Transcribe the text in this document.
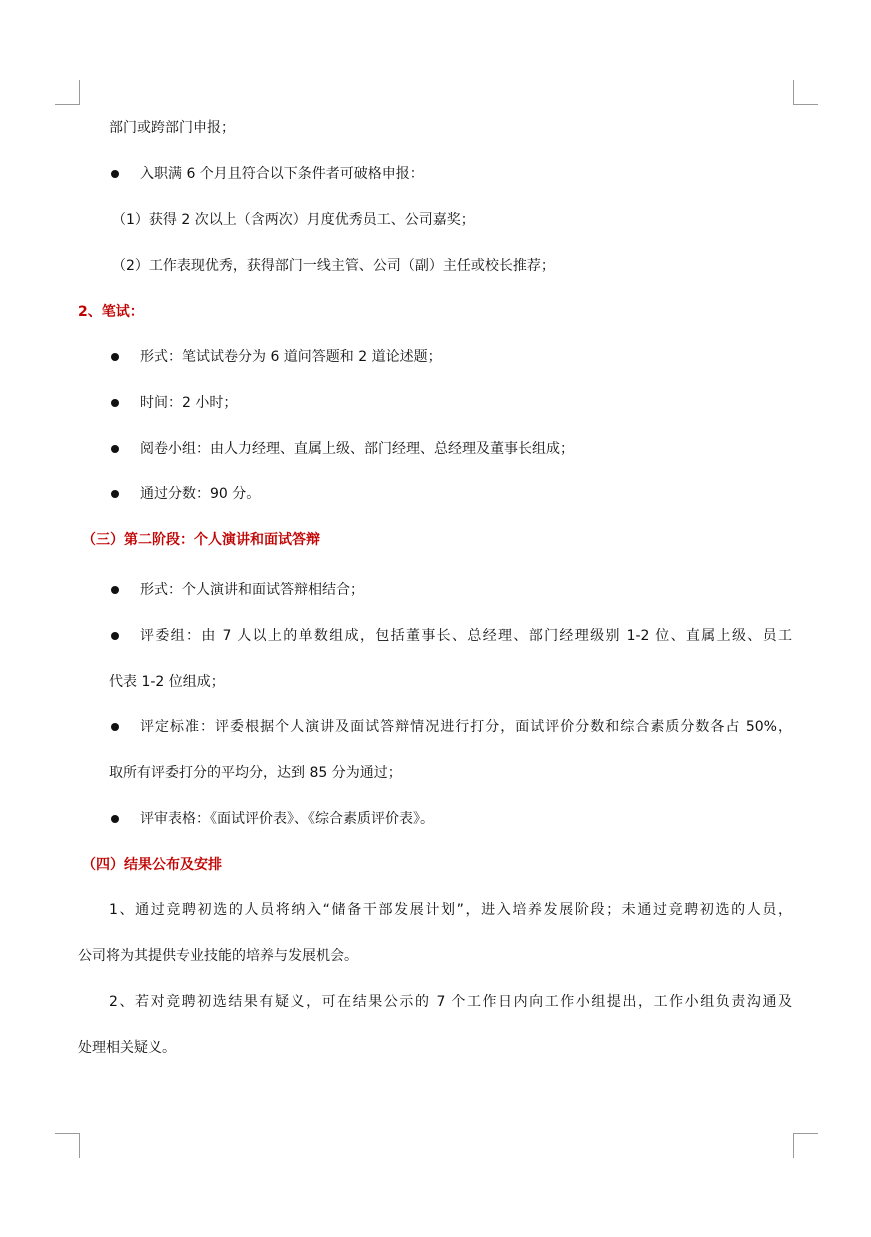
部门或跨部门申报；
入职满 6 个月且符合以下条件者可破格申报：
（1）获得 2 次以上（含两次）月度优秀员工、公司嘉奖；
（2）工作表现优秀，获得部门一线主管、公司（副）主任或校长推荐；
2、笔试：
形式：笔试试卷分为 6 道问答题和 2 道论述题；
时间：2 小时；
阅卷小组：由人力经理、直属上级、部门经理、总经理及董事长组成；
通过分数：90 分。
（三）第二阶段：个人演讲和面试答辩
形式：个人演讲和面试答辩相结合；
评委组：由 7 人以上的单数组成，包括董事长、总经理、部门经理级别 1-2 位、直属上级、员工
代表 1-2 位组成；
评定标准：评委根据个人演讲及面试答辩情况进行打分，面试评价分数和综合素质分数各占 50%，
取所有评委打分的平均分，达到 85 分为通过；
评审表格：《面试评价表》、《综合素质评价表》。
（四）结果公布及安排
1、通过竞聘初选的人员将纳入“储备干部发展计划”，进入培养发展阶段；未通过竞聘初选的人员，
公司将为其提供专业技能的培养与发展机会。
2、若对竞聘初选结果有疑义，可在结果公示的 7 个工作日内向工作小组提出，工作小组负责沟通及
处理相关疑义。
